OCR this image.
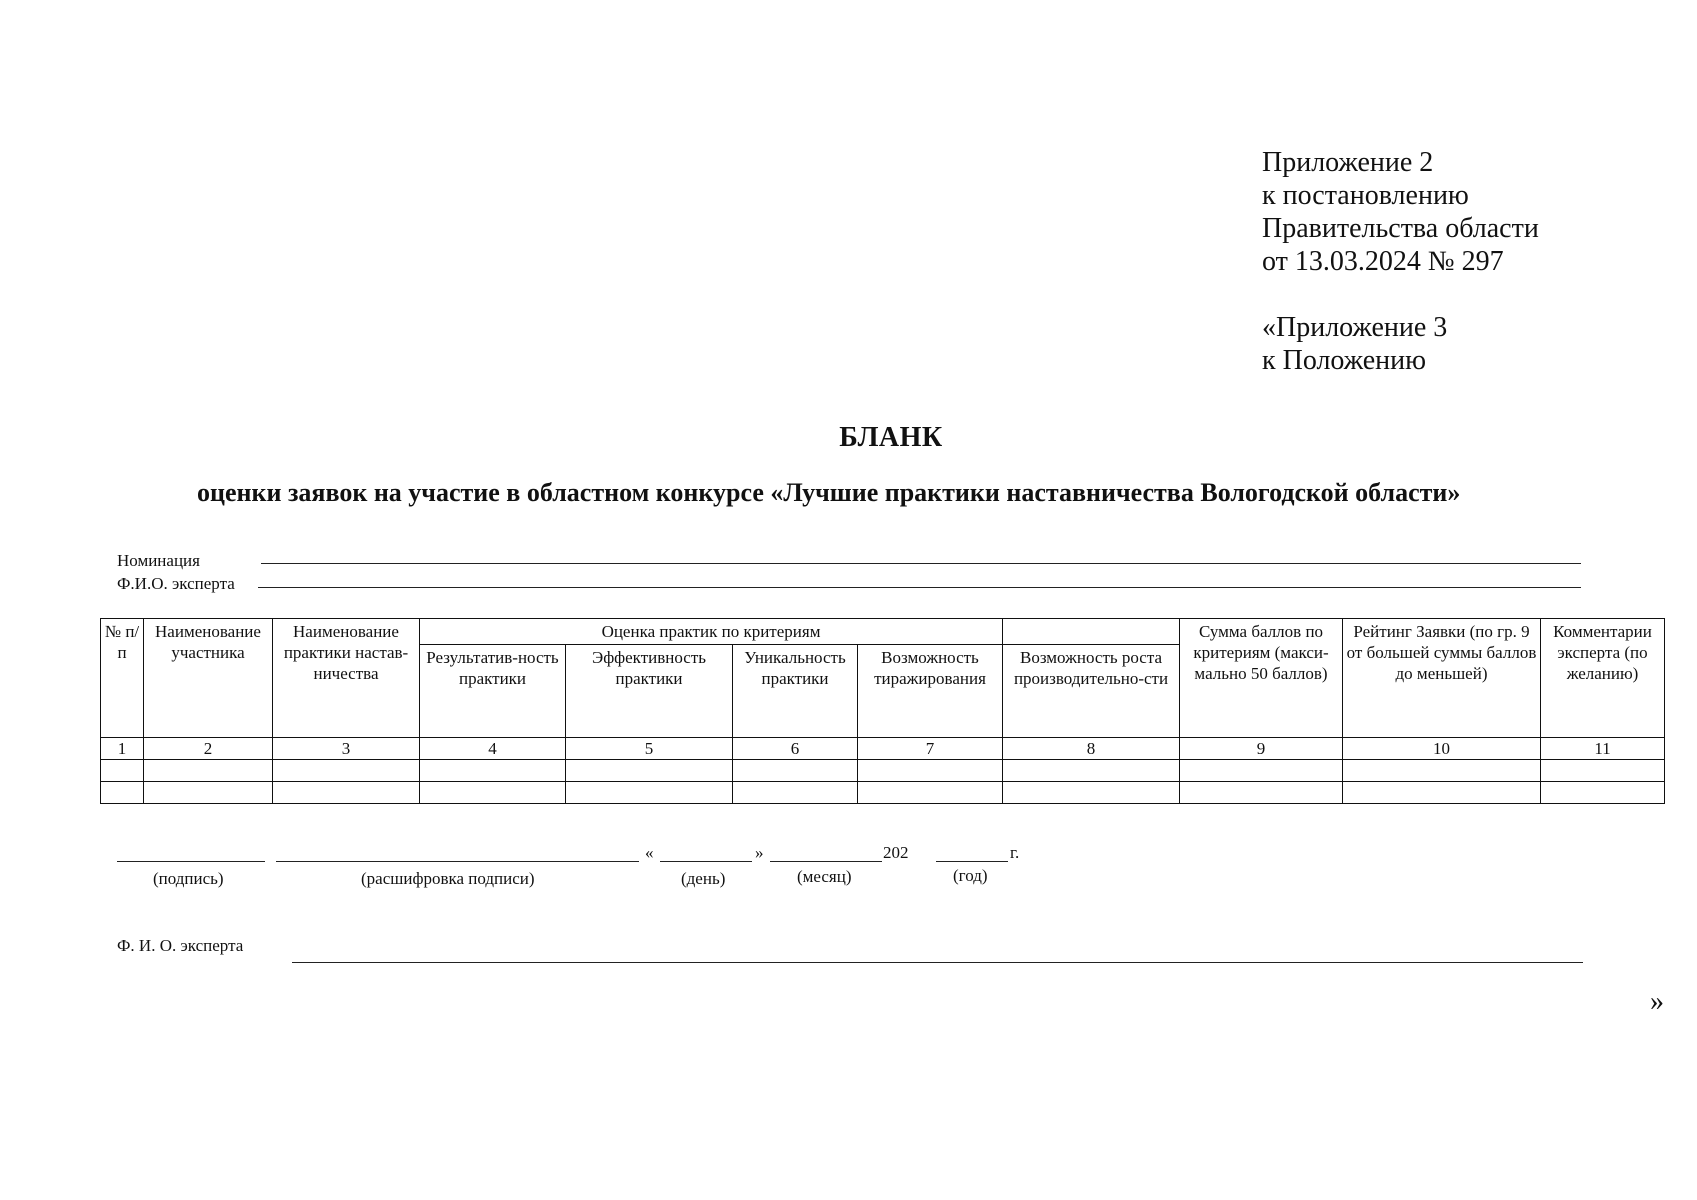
Приложение 2
к постановлению
Правительства области
от 13.03.2024 № 297
«Приложение 3
к Положению
БЛАНК
оценки заявок на участие в областном конкурсе «Лучшие практики наставничества Вологодской области»
Номинация
Ф.И.О. эксперта
№ п/п	Наименование участника	Наименование практики настав-ничества	Оценка практик по критериям					Сумма баллов по критериям (макси-мально 50 баллов)	Рейтинг Заявки (по гр. 9 от большей суммы баллов до меньшей)	Комментарии эксперта (по желанию)
			Результатив-ность практики	Эффективность практики	Уникальность практики	Возможность тиражирования	Возможность роста производительно-сти			
1	2	3	4	5	6	7	8	9	10	11

«	»	202	г.
(подпись)	(расшифровка подписи)	(день)	(месяц)	(год)
Ф. И. О. эксперта
»
